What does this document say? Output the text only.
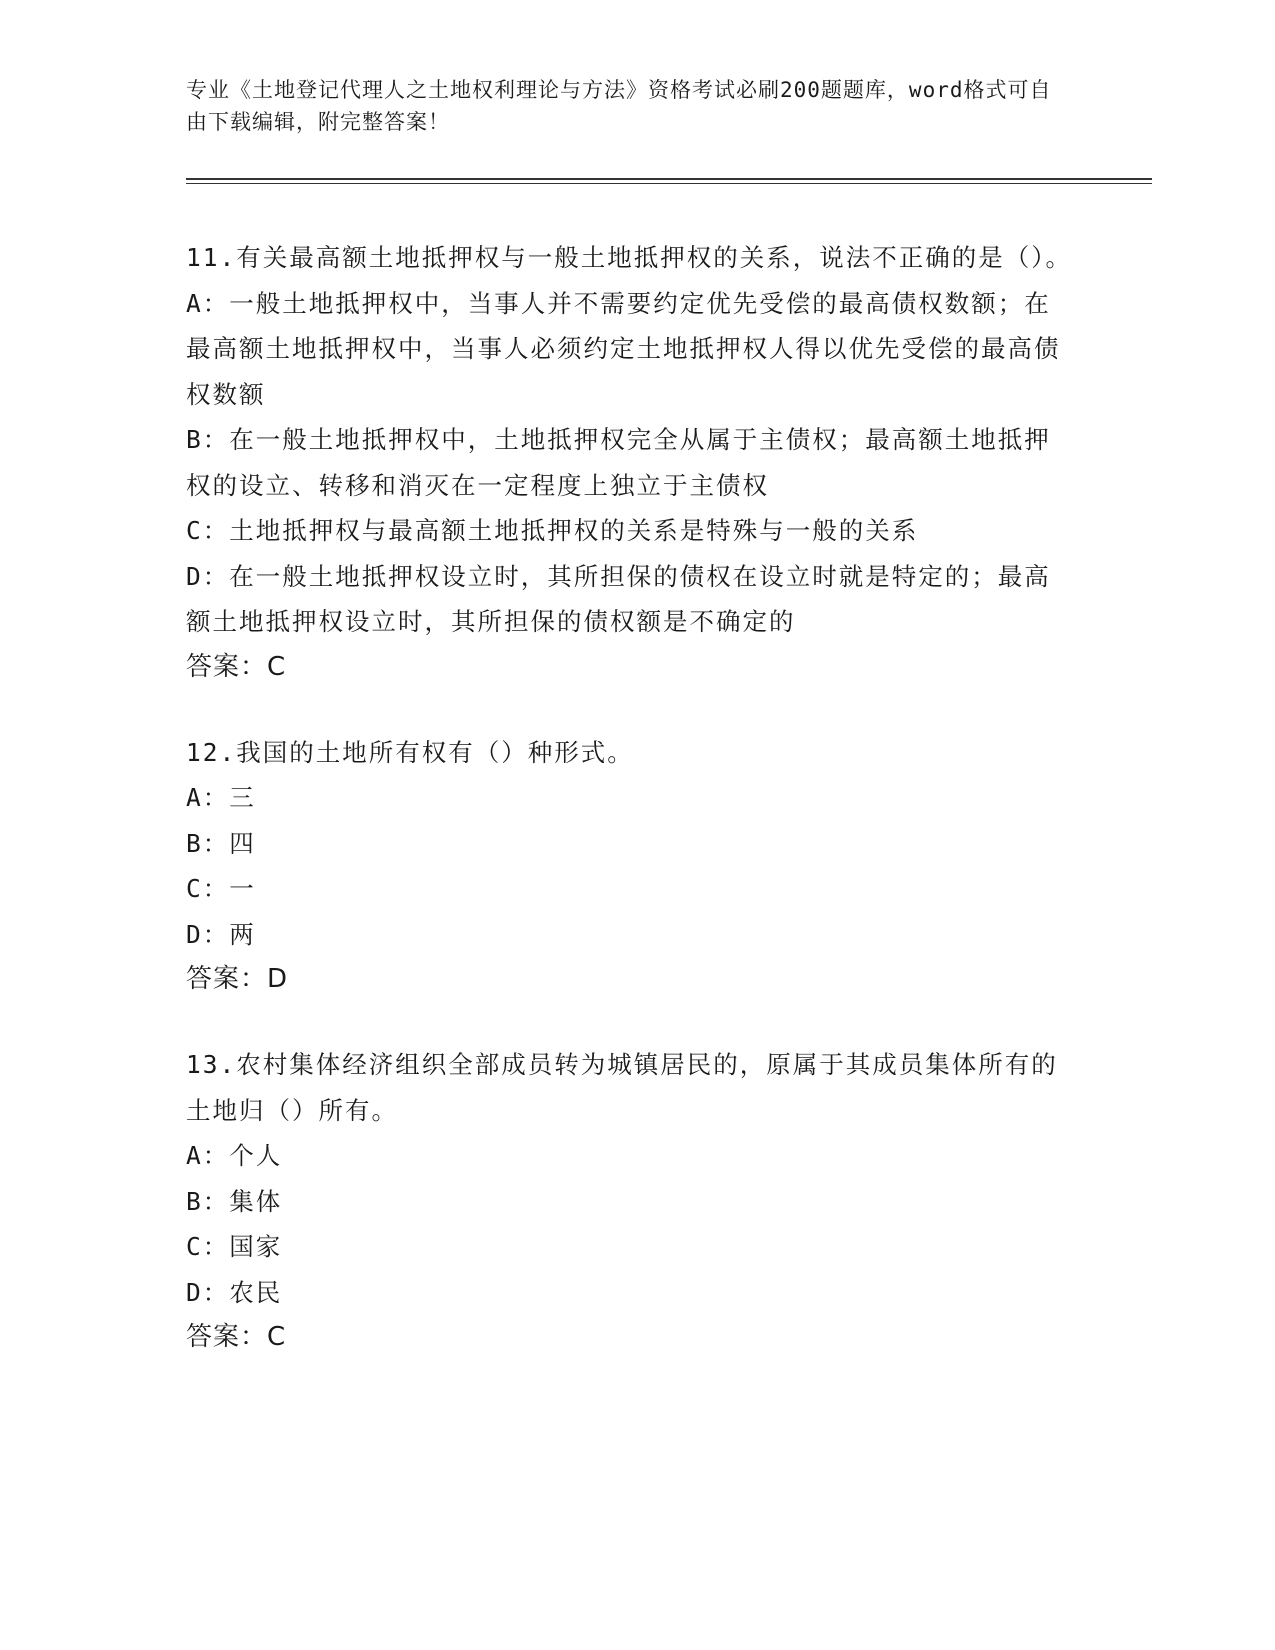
专业《土地登记代理人之土地权利理论与方法》资格考试必刷200题题库，word格式可自由下载编辑，附完整答案！
11.有关最高额土地抵押权与一般土地抵押权的关系，说法不正确的是（）。
A：一般土地抵押权中，当事人并不需要约定优先受偿的最高债权数额；在最高额土地抵押权中，当事人必须约定土地抵押权人得以优先受偿的最高债权数额
B：在一般土地抵押权中，土地抵押权完全从属于主债权；最高额土地抵押权的设立、转移和消灭在一定程度上独立于主债权
C：土地抵押权与最高额土地抵押权的关系是特殊与一般的关系
D：在一般土地抵押权设立时，其所担保的债权在设立时就是特定的；最高额土地抵押权设立时，其所担保的债权额是不确定的
答案：C
12.我国的土地所有权有（）种形式。
A：三
B：四
C：一
D：两
答案：D
13.农村集体经济组织全部成员转为城镇居民的，原属于其成员集体所有的土地归（）所有。
A：个人
B：集体
C：国家
D：农民
答案：C
